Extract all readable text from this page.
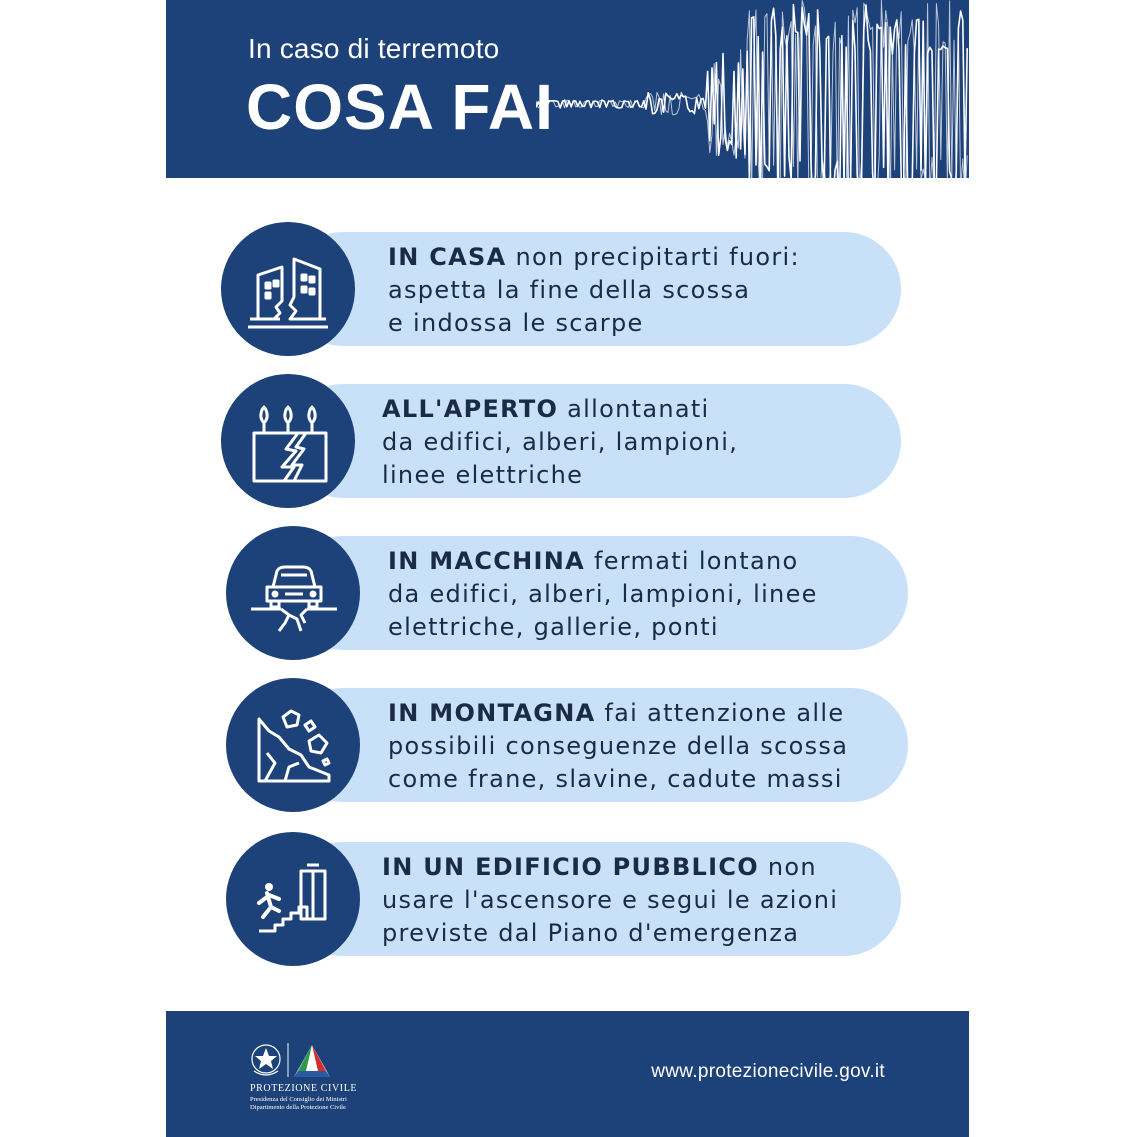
In caso di terremoto
COSA FAI
IN CASA non precipitarti fuori:
aspetta la fine della scossa
e indossa le scarpe
ALL'APERTO allontanati
da edifici, alberi, lampioni,
linee elettriche
IN MACCHINA fermati lontano
da edifici, alberi, lampioni, linee
elettriche, gallerie, ponti
IN MONTAGNA fai attenzione alle
possibili conseguenze della scossa
come frane, slavine, cadute massi
IN UN EDIFICIO PUBBLICO non
usare l'ascensore e segui le azioni
previste dal Piano d'emergenza
PROTEZIONE CIVILE
Presidenza del Consiglio dei Ministri
Dipartimento della Protezione Civile
www.protezionecivile.gov.it
